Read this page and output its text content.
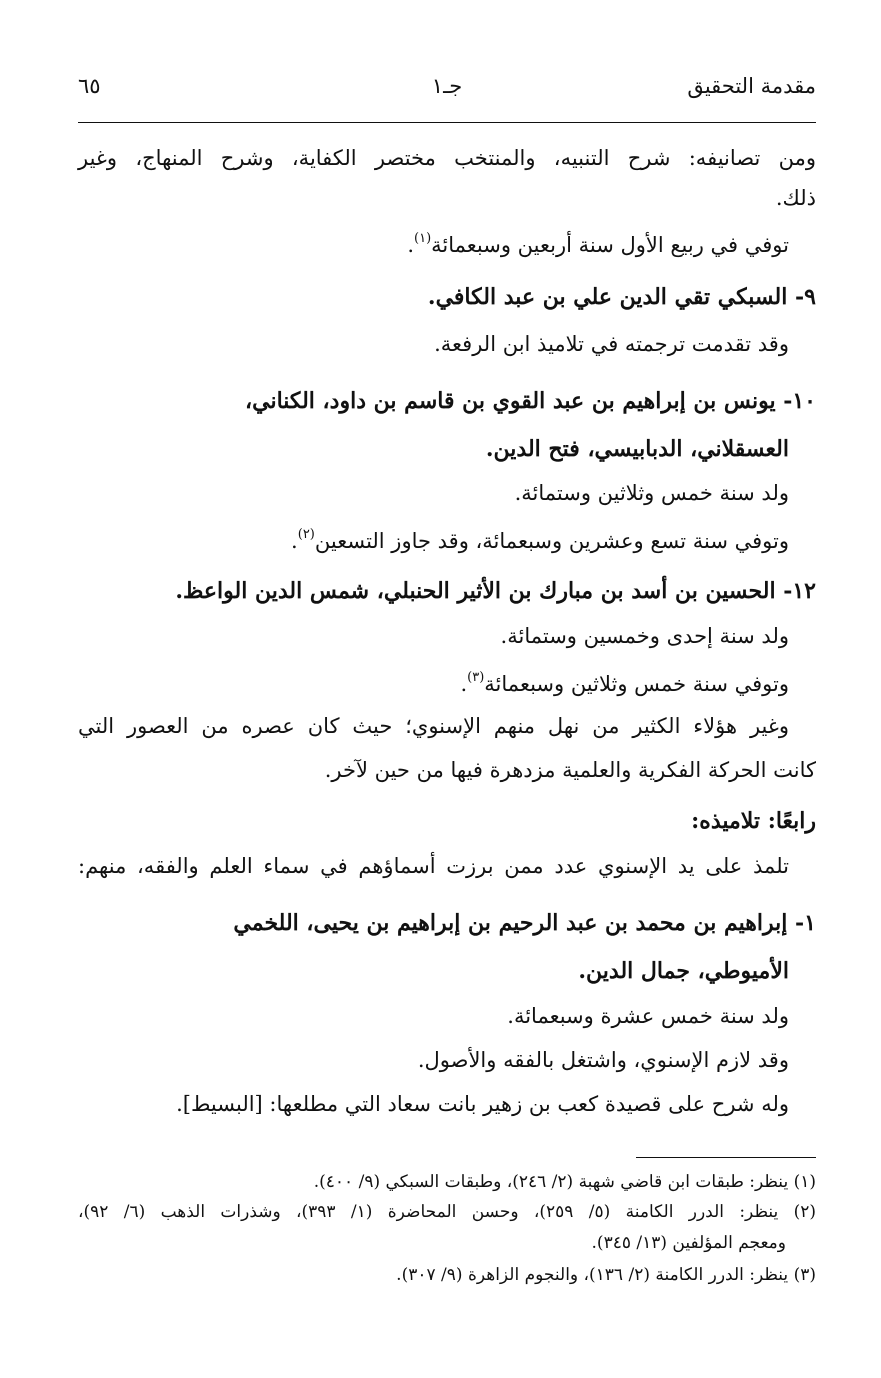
مقدمة التحقيق
جـ١
٦٥
ومن تصانيفه: شرح التنبيه، والمنتخب مختصر الكفاية، وشرح المنهاج، وغير
ذلك.
توفي في ربيع الأول سنة أربعين وسبعمائة$^{(١)}$.
٩- السبكي تقي الدين علي بن عبد الكافي.
وقد تقدمت ترجمته في تلاميذ ابن الرفعة.
١٠- يونس بن إبراهيم بن عبد القوي بن قاسم بن داود، الكناني،
العسقلاني، الدبابيسي، فتح الدين.
ولد سنة خمس وثلاثين وستمائة.
وتوفي سنة تسع وعشرين وسبعمائة، وقد جاوز التسعين$^{(٢)}$.
١٢- الحسين بن أسد بن مبارك بن الأثير الحنبلي، شمس الدين الواعظ.
ولد سنة إحدى وخمسين وستمائة.
وتوفي سنة خمس وثلاثين وسبعمائة$^{(٣)}$.
وغير هؤلاء الكثير من نهل منهم الإسنوي؛ حيث كان عصره من العصور التي
كانت الحركة الفكرية والعلمية مزدهرة فيها من حين لآخر.
رابعًا: تلاميذه:
تلمذ على يد الإسنوي عدد ممن برزت أسماؤهم في سماء العلم والفقه، منهم:
١- إبراهيم بن محمد بن عبد الرحيم بن إبراهيم بن يحيى، اللخمي
الأميوطي، جمال الدين.
ولد سنة خمس عشرة وسبعمائة.
وقد لازم الإسنوي، واشتغل بالفقه والأصول.
وله شرح على قصيدة كعب بن زهير بانت سعاد التي مطلعها: [البسيط].
(١) ينظر: طبقات ابن قاضي شهبة (٢/ ٢٤٦)، وطبقات السبكي (٩/ ٤٠٠).
(٢) ينظر: الدرر الكامنة (٥/ ٢٥٩)، وحسن المحاضرة (١/ ٣٩٣)، وشذرات الذهب (٦/ ٩٢)،
ومعجم المؤلفين (١٣/ ٣٤٥).
(٣) ينظر: الدرر الكامنة (٢/ ١٣٦)، والنجوم الزاهرة (٩/ ٣٠٧).
